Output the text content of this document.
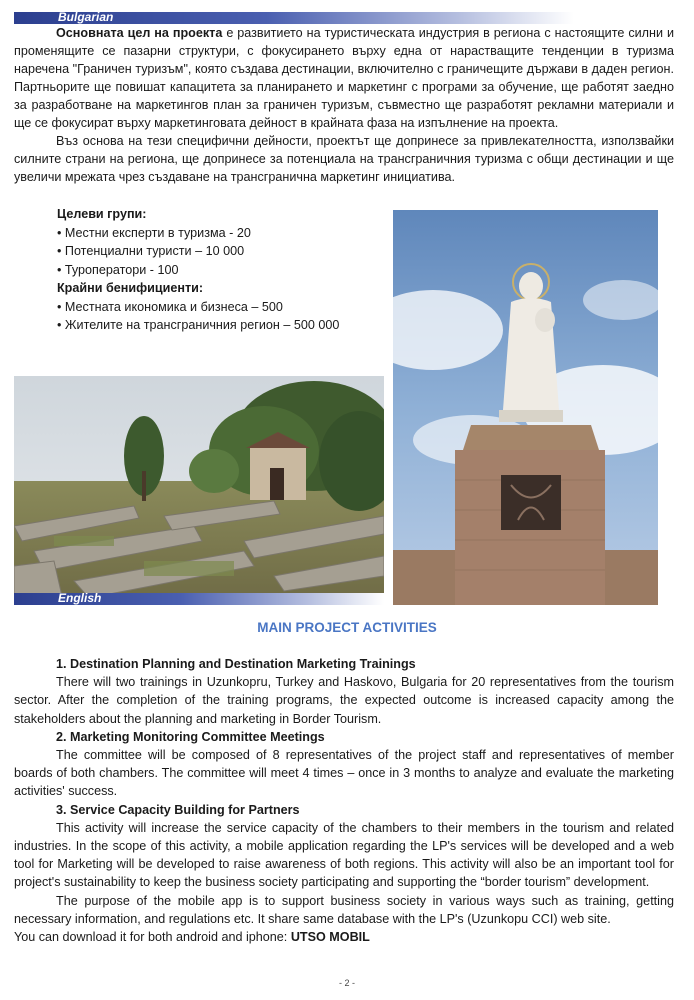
Bulgarian

Основната цел на проекта е развитието на туристическата индустрия в региона с настоящите силни и променящите се пазарни структури, с фокусирането върху една от нарастващите тенденции в туризма наречена "Граничен туризъм", която създава дестинации, включително с граничещите държави в даден регион. Партньорите ще повишат капацитета за планирането и маркетинг с програми за обучение, ще работят заедно за разработване на маркетингов план за граничен туризъм, съвместно ще разработят рекламни материали и ще се фокусират върху маркетинговата дейност в крайната фаза на изпълнение на проекта.

Въз основа на тези специфични дейности, проектът ще допринесе за привлекателността, използвайки силните страни на региона, ще допринесе за потенциала на трансграничния туризма с общи дестинации и ще увеличи мрежата чрез създаване на трансгранична маркетинг инициатива.

Целеви групи:
• Местни експерти в туризма - 20
• Потенциални туристи – 10 000
• Туроператори - 100
Крайни бенифициенти:
• Местната икономика и бизнеса – 500
• Жителите на трансграничния регион – 500 000
English
MAIN PROJECT ACTIVITIES

1. Destination Planning and Destination Marketing Trainings

There will two trainings in Uzunkopru, Turkey and Haskovo, Bulgaria for 20 representatives from the tourism sector. After the completion of the training programs, the expected outcome is increased capacity among the stakeholders about the planning and marketing in Border Tourism.

2. Marketing Monitoring Committee Meetings

The committee will be composed of 8 representatives of the project staff and representatives of member boards of both chambers. The committee will meet 4 times – once in 3 months to analyze and evaluate the marketing activities' success.

3. Service Capacity Building for Partners

This activity will increase the service capacity of the chambers to their members in the tourism and related industries. In the scope of this activity, a mobile application regarding the LP's services will be developed and a web tool for Marketing will be developed to raise awareness of both regions. This activity will also be an important tool for project's sustainability to keep the business society participating and supporting the “border tourism” development.

The purpose of the mobile app is to support business society in various ways such as training, getting necessary information, and regulations etc. It share same database with the LP's (Uzunkopu CCI) web site.

You can download it for both android and iphone: UTSO MOBIL

- 2 -
